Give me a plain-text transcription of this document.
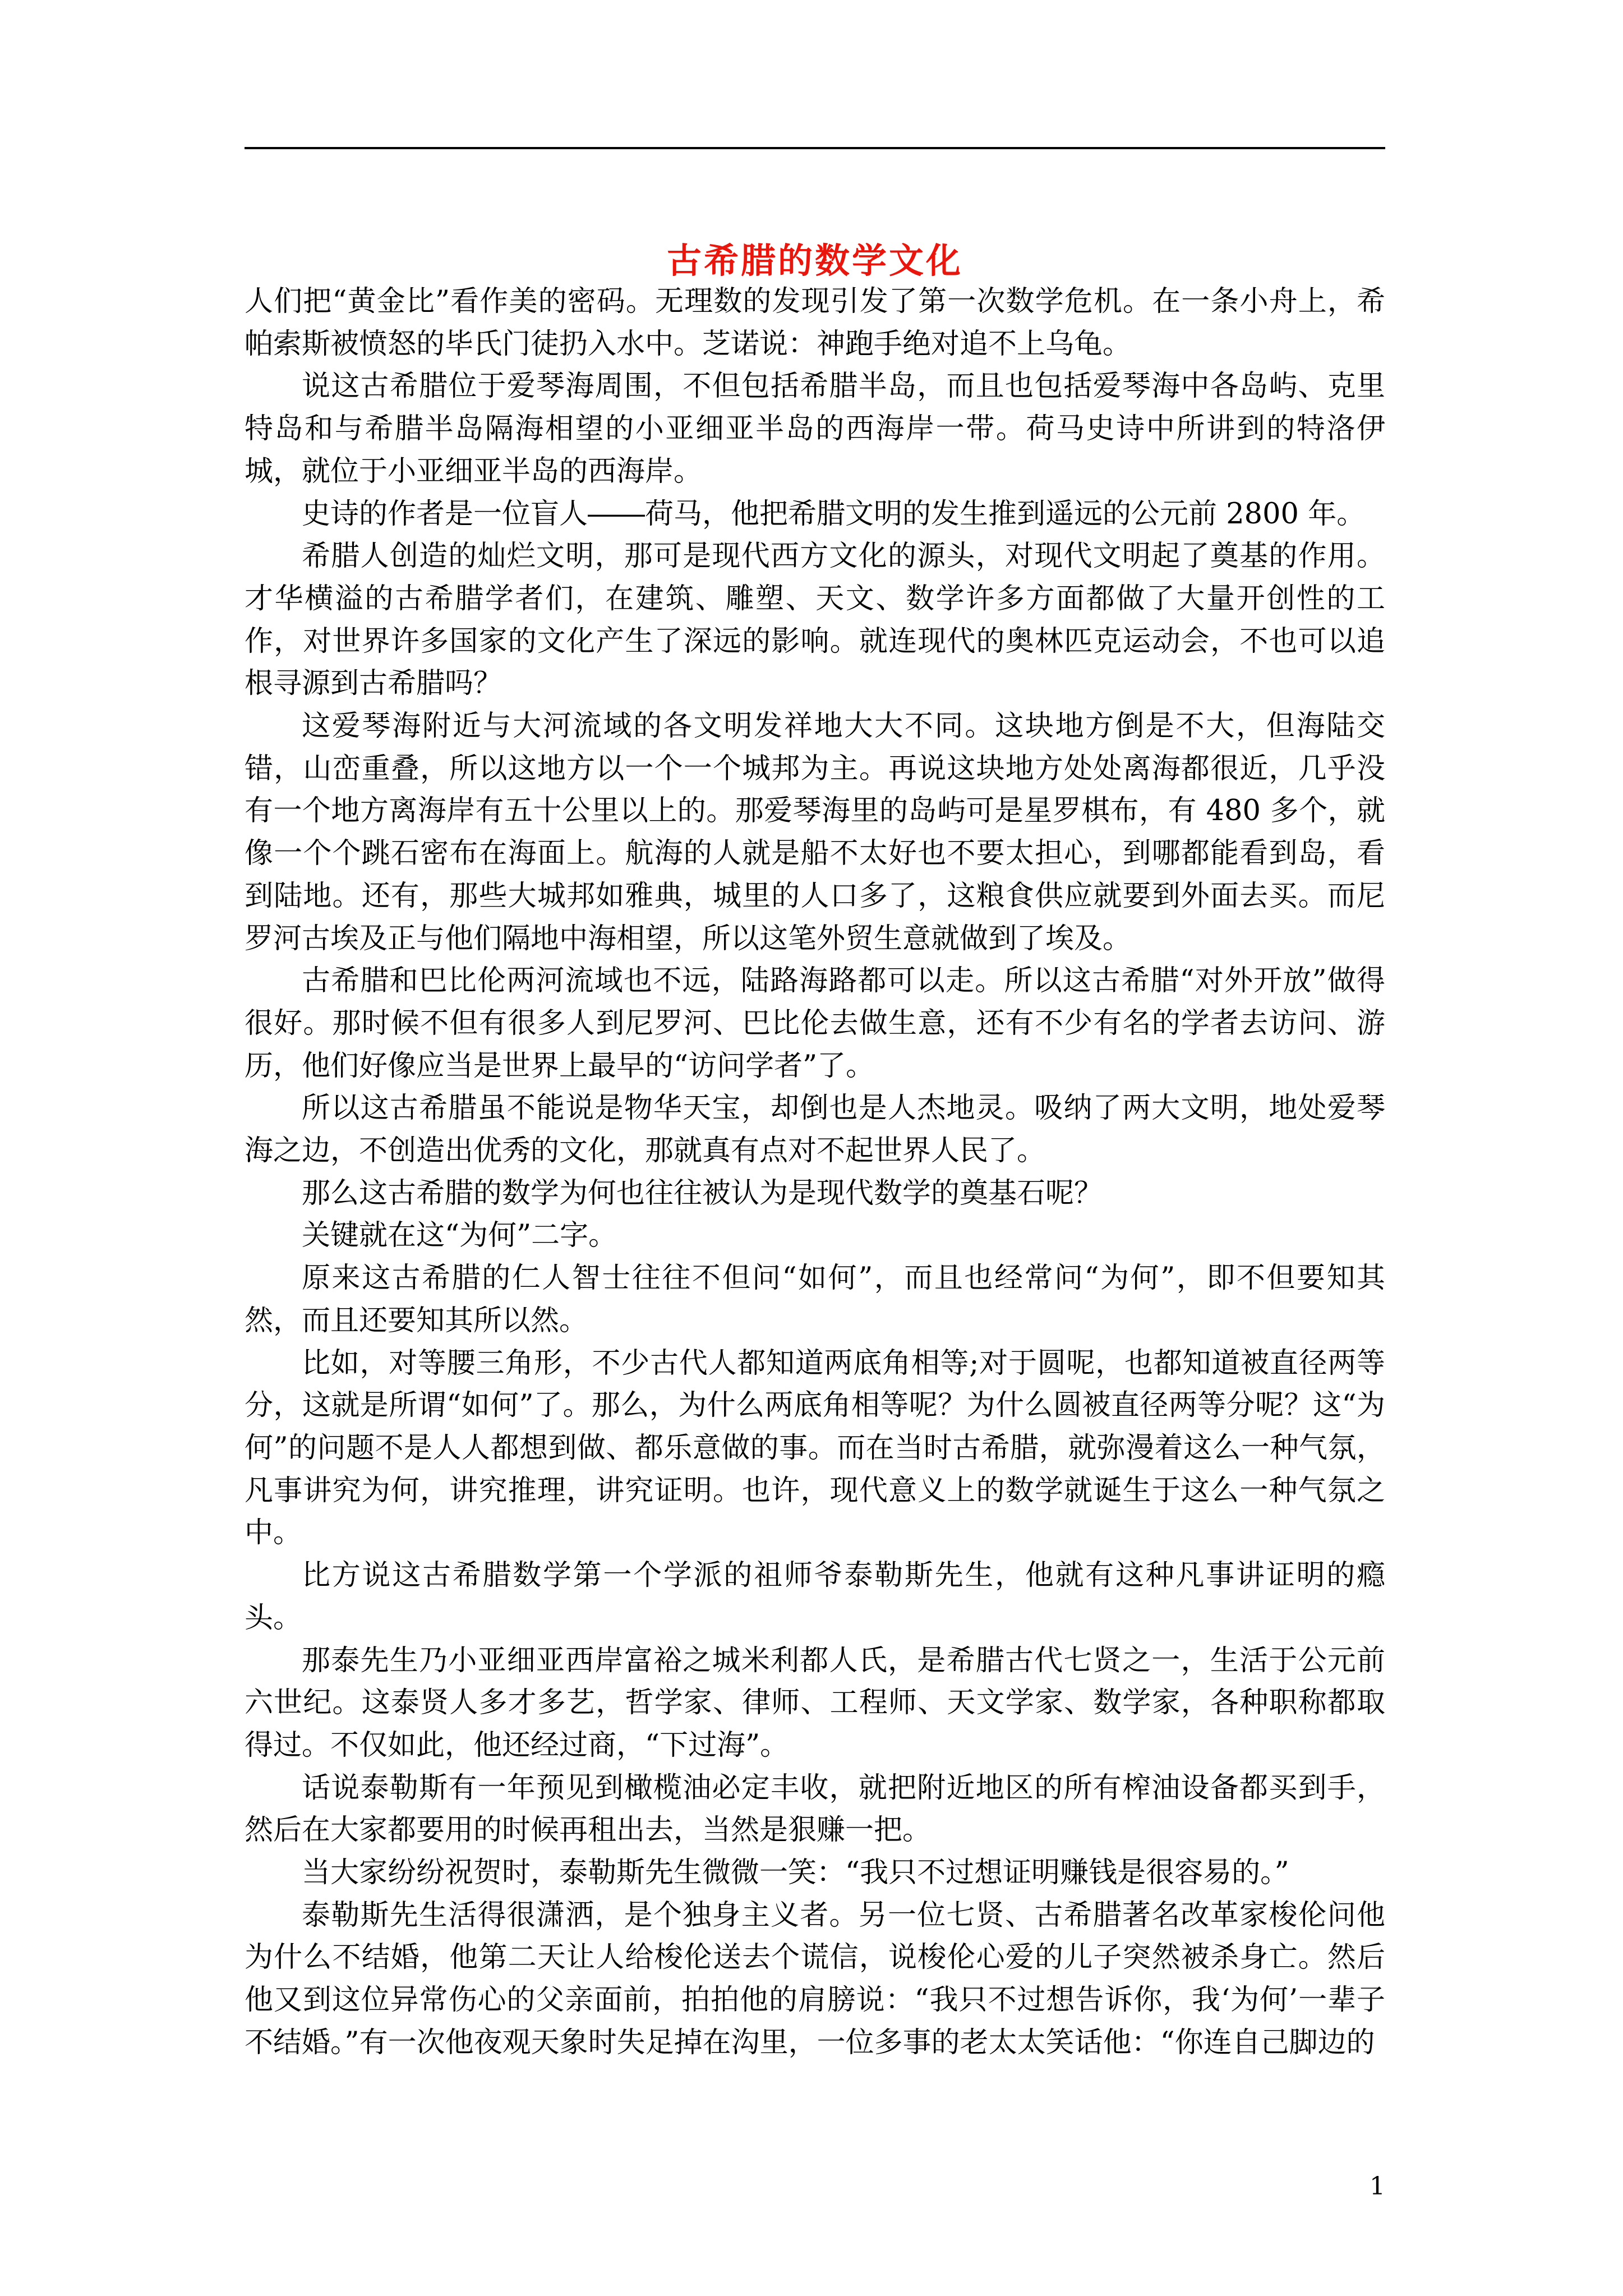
古希腊的数学文化

人们把“黄金比”看作美的密码。无理数的发现引发了第一次数学危机。在一条小舟上，希帕索斯被愤怒的毕氏门徒扔入水中。芝诺说：神跑手绝对追不上乌龟。

说这古希腊位于爱琴海周围，不但包括希腊半岛，而且也包括爱琴海中各岛屿、克里特岛和与希腊半岛隔海相望的小亚细亚半岛的西海岸一带。荷马史诗中所讲到的特洛伊城，就位于小亚细亚半岛的西海岸。

史诗的作者是一位盲人――荷马，他把希腊文明的发生推到遥远的公元前 2800 年。

希腊人创造的灿烂文明，那可是现代西方文化的源头，对现代文明起了奠基的作用。才华横溢的古希腊学者们，在建筑、雕塑、天文、数学许多方面都做了大量开创性的工作，对世界许多国家的文化产生了深远的影响。就连现代的奥林匹克运动会，不也可以追根寻源到古希腊吗？

这爱琴海附近与大河流域的各文明发祥地大大不同。这块地方倒是不大，但海陆交错，山峦重叠，所以这地方以一个一个城邦为主。再说这块地方处处离海都很近，几乎没有一个地方离海岸有五十公里以上的。那爱琴海里的岛屿可是星罗棋布，有 480 多个，就像一个个跳石密布在海面上。航海的人就是船不太好也不要太担心，到哪都能看到岛，看到陆地。还有，那些大城邦如雅典，城里的人口多了，这粮食供应就要到外面去买。而尼罗河古埃及正与他们隔地中海相望，所以这笔外贸生意就做到了埃及。

古希腊和巴比伦两河流域也不远，陆路海路都可以走。所以这古希腊“对外开放”做得很好。那时候不但有很多人到尼罗河、巴比伦去做生意，还有不少有名的学者去访问、游历，他们好像应当是世界上最早的“访问学者”了。

所以这古希腊虽不能说是物华天宝，却倒也是人杰地灵。吸纳了两大文明，地处爱琴海之边，不创造出优秀的文化，那就真有点对不起世界人民了。

那么这古希腊的数学为何也往往被认为是现代数学的奠基石呢？

关键就在这“为何”二字。

原来这古希腊的仁人智士往往不但问“如何”，而且也经常问“为何”，即不但要知其然，而且还要知其所以然。

比如，对等腰三角形，不少古代人都知道两底角相等;对于圆呢，也都知道被直径两等分，这就是所谓“如何”了。那么，为什么两底角相等呢？为什么圆被直径两等分呢？这“为何”的问题不是人人都想到做、都乐意做的事。而在当时古希腊，就弥漫着这么一种气氛，凡事讲究为何，讲究推理，讲究证明。也许，现代意义上的数学就诞生于这么一种气氛之中。

比方说这古希腊数学第一个学派的祖师爷泰勒斯先生，他就有这种凡事讲证明的瘾头。

那泰先生乃小亚细亚西岸富裕之城米利都人氏，是希腊古代七贤之一，生活于公元前六世纪。这泰贤人多才多艺，哲学家、律师、工程师、天文学家、数学家，各种职称都取得过。不仅如此，他还经过商，“下过海”。

话说泰勒斯有一年预见到橄榄油必定丰收，就把附近地区的所有榨油设备都买到手，然后在大家都要用的时候再租出去，当然是狠赚一把。

当大家纷纷祝贺时，泰勒斯先生微微一笑：“我只不过想证明赚钱是很容易的。”

泰勒斯先生活得很潇洒，是个独身主义者。另一位七贤、古希腊著名改革家梭伦问他为什么不结婚，他第二天让人给梭伦送去个谎信，说梭伦心爱的儿子突然被杀身亡。然后他又到这位异常伤心的父亲面前，拍拍他的肩膀说：“我只不过想告诉你，我‘为何’一辈子不结婚。”有一次他夜观天象时失足掉在沟里，一位多事的老太太笑话他：“你连自己脚边的

1
